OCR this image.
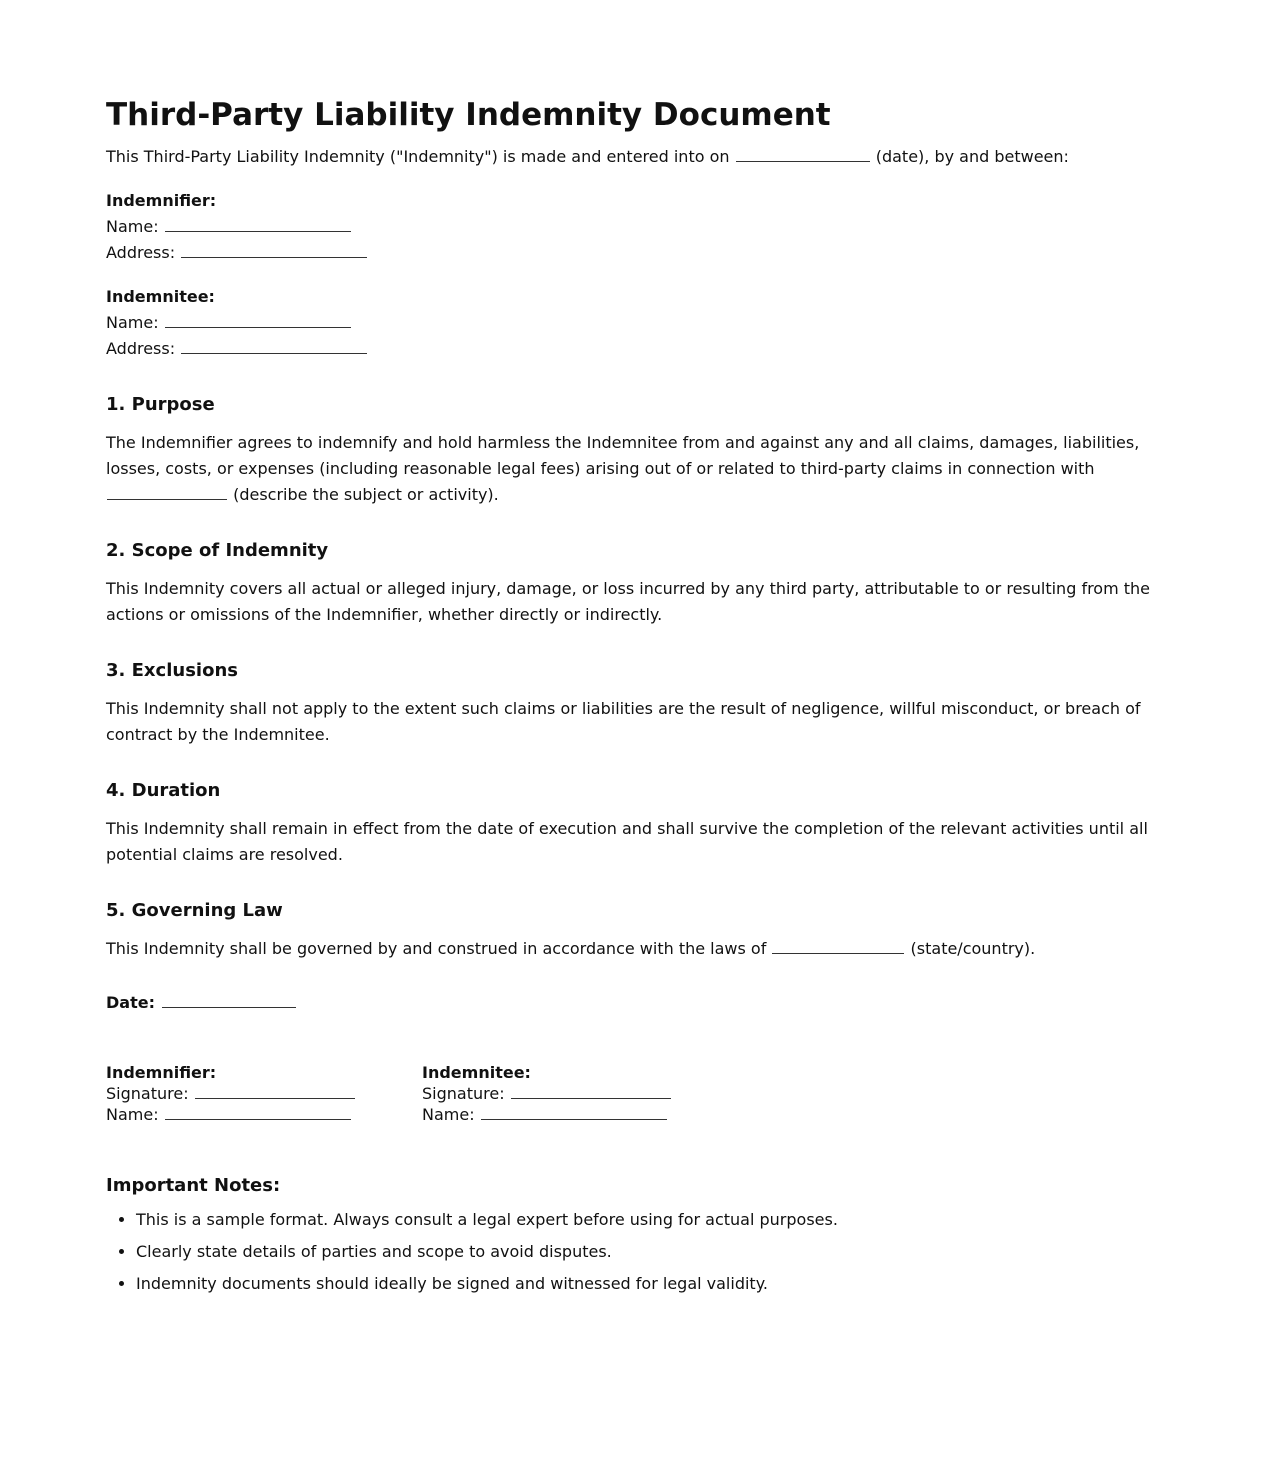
Third-Party Liability Indemnity Document

This Third-Party Liability Indemnity ("Indemnity") is made and entered into on	(date), by and between:

Indemnifier:
Name:
Address:
Indemnitee:
Name:
Address:
1. Purpose

The Indemnifier agrees to indemnify and hold harmless the Indemnitee from and against any and all claims, damages, liabilities, losses, costs, or expenses (including reasonable legal fees) arising out of or related to third-party claims in connection with  (describe the subject or activity).

2. Scope of Indemnity

This Indemnity covers all actual or alleged injury, damage, or loss incurred by any third party, attributable to or resulting from the actions or omissions of the Indemnifier, whether directly or indirectly.

3. Exclusions

This Indemnity shall not apply to the extent such claims or liabilities are the result of negligence, willful misconduct, or breach of contract by the Indemnitee.

4. Duration

This Indemnity shall remain in effect from the date of execution and shall survive the completion of the relevant activities until all potential claims are resolved.

5. Governing Law

This Indemnity shall be governed by and construed in accordance with the laws of	(state/country).

Date:

Indemnifier:
Signature:
Name:
Indemnitee:
Signature:
Name:
Important Notes:
• This is a sample format. Always consult a legal expert before using for actual purposes.
• Clearly state details of parties and scope to avoid disputes.
• Indemnity documents should ideally be signed and witnessed for legal validity.
